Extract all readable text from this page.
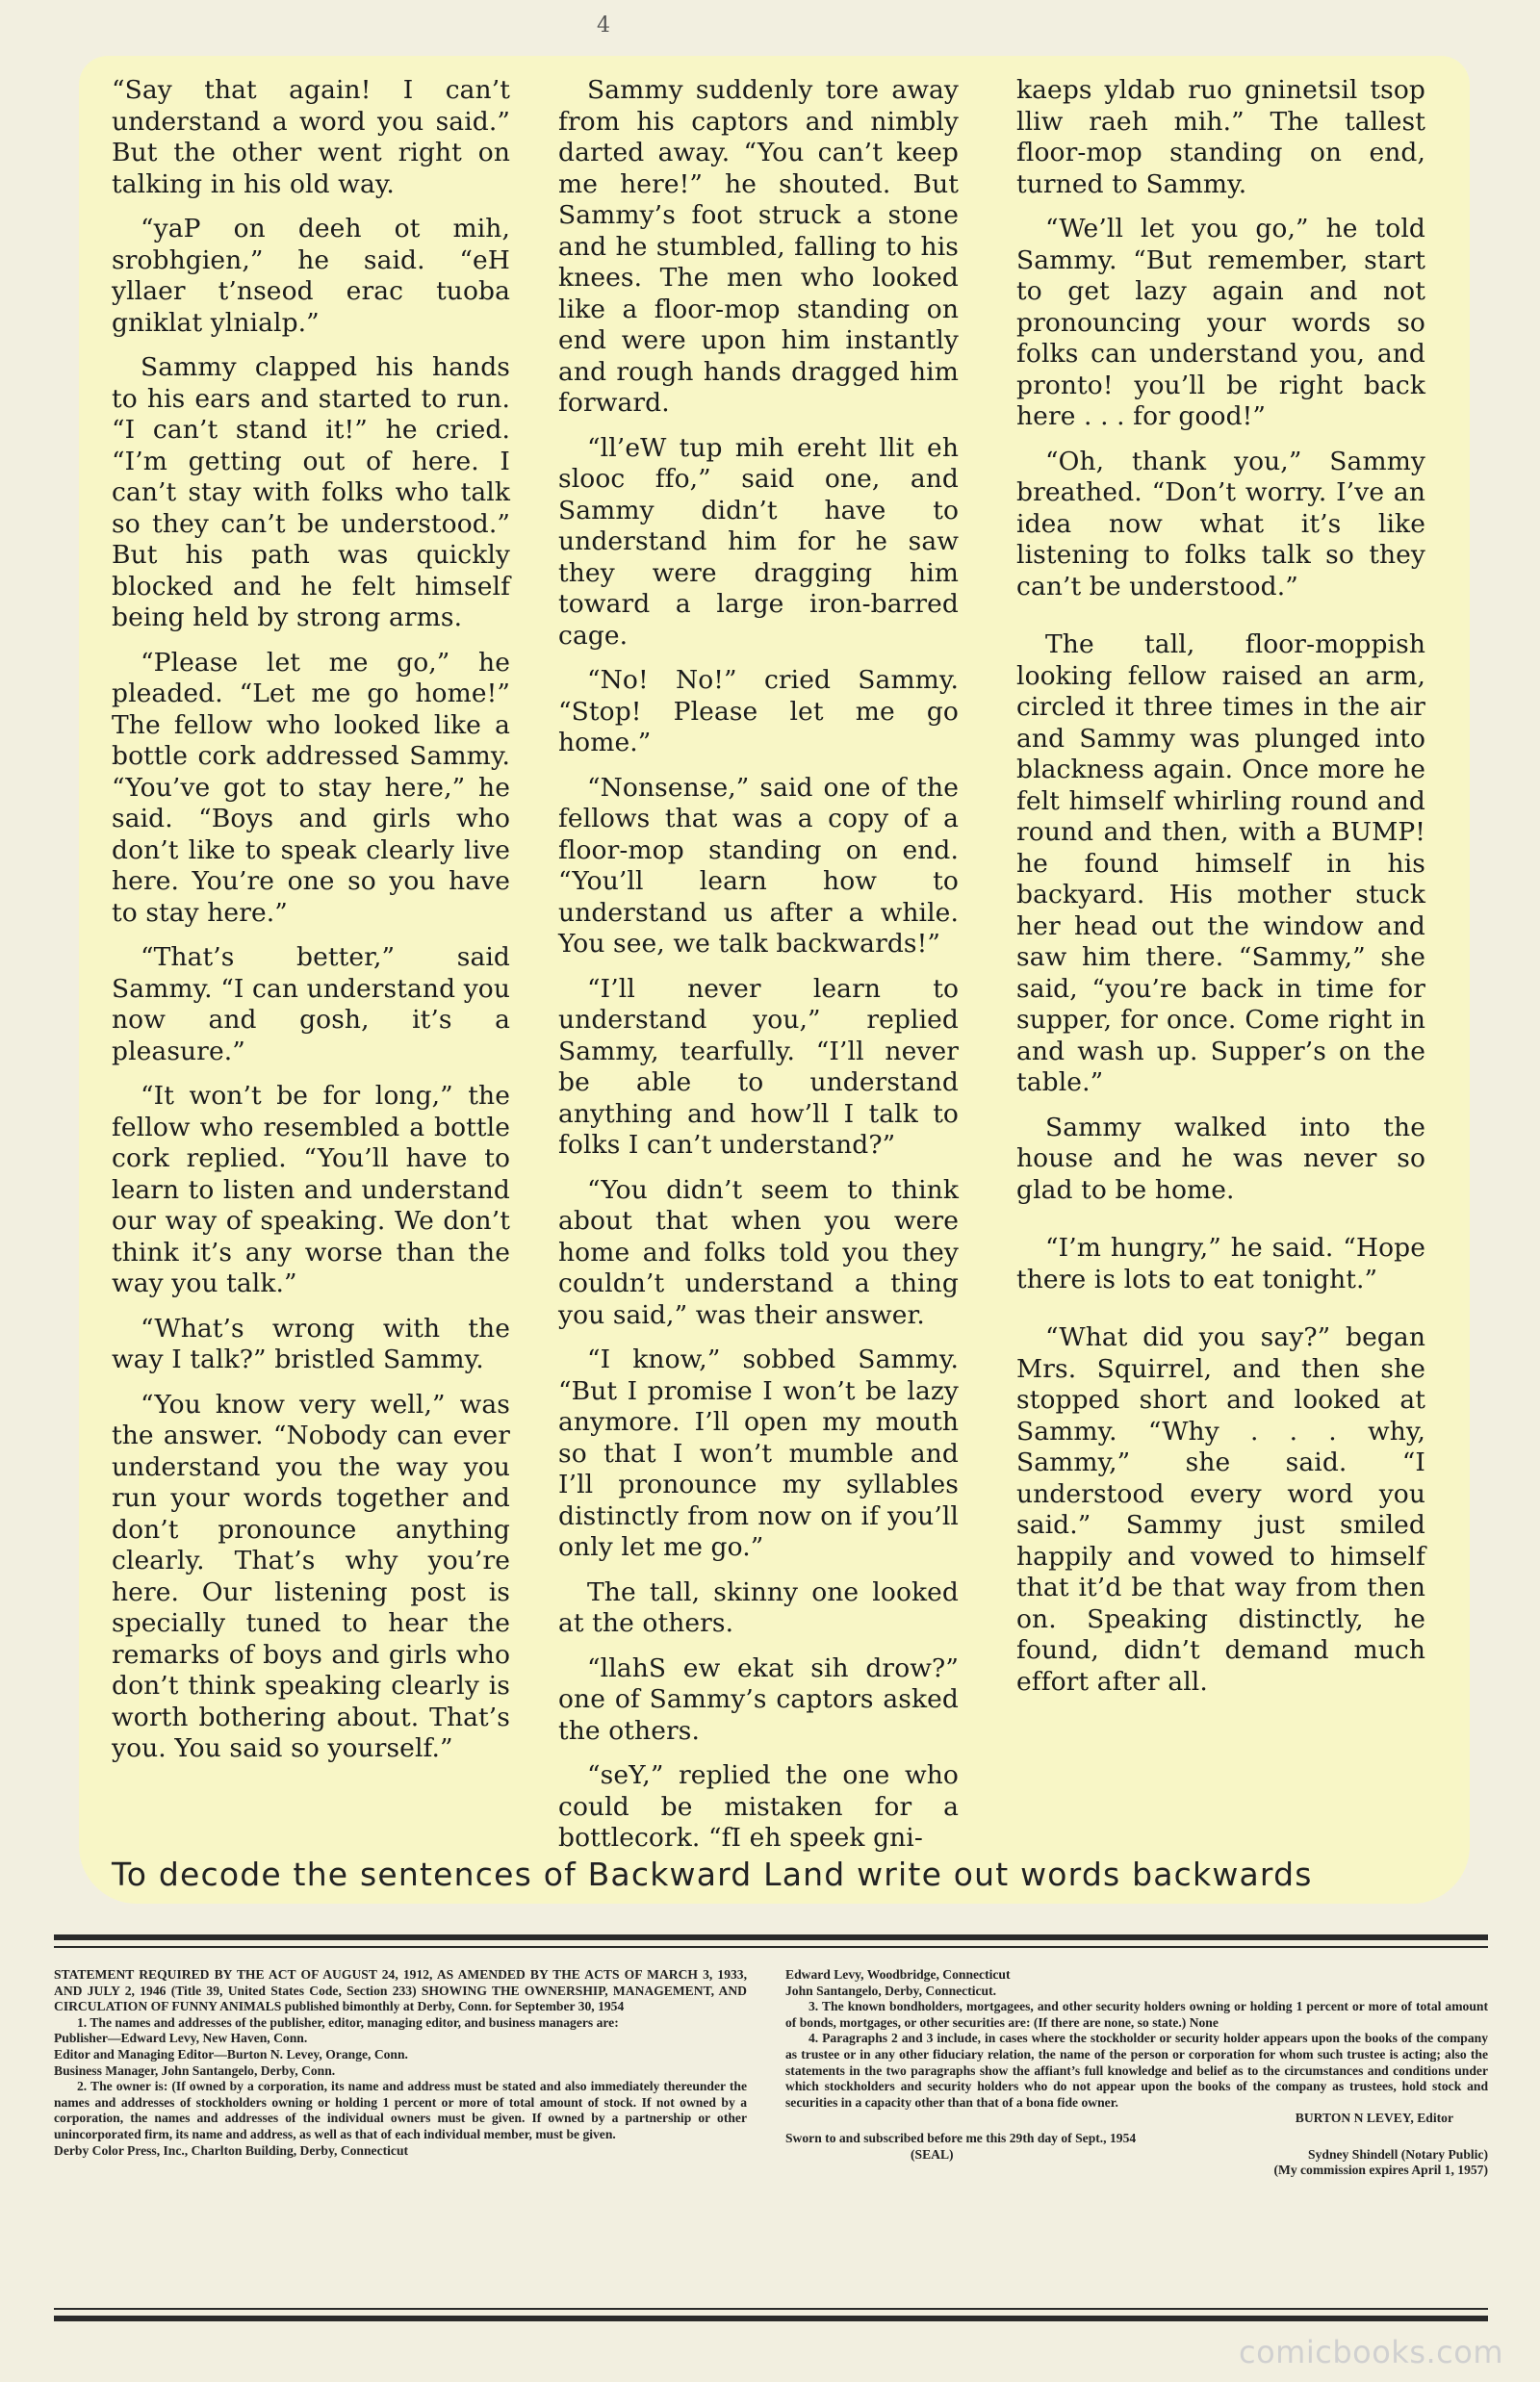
4

“Say that again! I can’t understand a word you said.” But the other went right on talking in his old way.

“yaP on deeh ot mih, srobhgien,” he said. “eH yllaer t’nseod erac tuoba gniklat ylnialp.”

Sammy clapped his hands to his ears and started to run. “I can’t stand it!” he cried. “I’m getting out of here. I can’t stay with folks who talk so they can’t be understood.” But his path was quickly blocked and he felt himself being held by strong arms.

“Please let me go,” he pleaded. “Let me go home!” The fellow who looked like a bottle cork addressed Sammy. “You’ve got to stay here,” he said. “Boys and girls who don’t like to speak clearly live here. You’re one so you have to stay here.”

“That’s better,” said Sammy. “I can understand you now and gosh, it’s a pleasure.”

“It won’t be for long,” the fellow who resembled a bottle cork replied. “You’ll have to learn to listen and understand our way of speaking. We don’t think it’s any worse than the way you talk.”

“What’s wrong with the way I talk?” bristled Sammy.

“You know very well,” was the answer. “Nobody can ever understand you the way you run your words together and don’t pronounce anything clearly. That’s why you’re here. Our listening post is specially tuned to hear the remarks of boys and girls who don’t think speaking clearly is worth bothering about. That’s you. You said so yourself.”

Sammy suddenly tore away from his captors and nimbly darted away. “You can’t keep me here!” he shouted. But Sammy’s foot struck a stone and he stumbled, falling to his knees. The men who looked like a floor-mop standing on end were upon him instantly and rough hands dragged him forward.

“ll’eW tup mih ereht llit eh slooc ffo,” said one, and Sammy didn’t have to understand him for he saw they were dragging him toward a large iron-barred cage.

“No! No!” cried Sammy. “Stop! Please let me go home.”

“Nonsense,” said one of the fellows that was a copy of a floor-mop standing on end. “You’ll learn how to understand us after a while. You see, we talk backwards!”

“I’ll never learn to understand you,” replied Sammy, tearfully. “I’ll never be able to understand anything and how’ll I talk to folks I can’t understand?”

“You didn’t seem to think about that when you were home and folks told you they couldn’t understand a thing you said,” was their answer.

“I know,” sobbed Sammy. “But I promise I won’t be lazy anymore. I’ll open my mouth so that I won’t mumble and I’ll pronounce my syllables distinctly from now on if you’ll only let me go.”

The tall, skinny one looked at the others.

“llahS ew ekat sih drow?” one of Sammy’s captors asked the others.

“seY,” replied the one who could be mistaken for a bottlecork. “fI eh speek gni-

kaeps yldab ruo gninetsil tsop lliw raeh mih.” The tallest floor-mop standing on end, turned to Sammy.

“We’ll let you go,” he told Sammy. “But remember, start to get lazy again and not pronouncing your words so folks can understand you, and pronto! you’ll be right back here . . . for good!”

“Oh, thank you,” Sammy breathed. “Don’t worry. I’ve an idea now what it’s like listening to folks talk so they can’t be understood.”

The tall, floor-moppish looking fellow raised an arm, circled it three times in the air and Sammy was plunged into blackness again. Once more he felt himself whirling round and round and then, with a BUMP! he found himself in his backyard. His mother stuck her head out the window and saw him there. “Sammy,” she said, “you’re back in time for supper, for once. Come right in and wash up. Supper’s on the table.”

Sammy walked into the house and he was never so glad to be home.

“I’m hungry,” he said. “Hope there is lots to eat tonight.”

“What did you say?” began Mrs. Squirrel, and then she stopped short and looked at Sammy. “Why . . . why, Sammy,” she said. “I understood every word you said.” Sammy just smiled happily and vowed to himself that it’d be that way from then on. Speaking distinctly, he found, didn’t demand much effort after all.

To decode the sentences of Backward Land write out words backwards

STATEMENT REQUIRED BY THE ACT OF AUGUST 24, 1912, AS AMENDED BY THE ACTS OF MARCH 3, 1933, AND JULY 2, 1946 (Title 39, United States Code, Section 233) SHOWING THE OWNERSHIP, MANAGEMENT, AND CIRCULATION OF FUNNY ANIMALS published bimonthly at Derby, Conn. for September 30, 1954

1. The names and addresses of the publisher, editor, managing editor, and business managers are:

Publisher—Edward Levy, New Haven, Conn.

Editor and Managing Editor—Burton N. Levey, Orange, Conn.

Business Manager, John Santangelo, Derby, Conn.

2. The owner is: (If owned by a corporation, its name and address must be stated and also immediately thereunder the names and addresses of stockholders owning or holding 1 percent or more of total amount of stock. If not owned by a corporation, the names and addresses of the individual owners must be given. If owned by a partnership or other unincorporated firm, its name and address, as well as that of each individual member, must be given.

Derby Color Press, Inc., Charlton Building, Derby, Connecticut

Edward Levy, Woodbridge, Connecticut

John Santangelo, Derby, Connecticut.

3. The known bondholders, mortgagees, and other security holders owning or holding 1 percent or more of total amount of bonds, mortgages, or other securities are: (If there are none, so state.) None

4. Paragraphs 2 and 3 include, in cases where the stockholder or security holder appears upon the books of the company as trustee or in any other fiduciary relation, the name of the person or corporation for whom such trustee is acting; also the statements in the two paragraphs show the affiant’s full knowledge and belief as to the circumstances and conditions under which stockholders and security holders who do not appear upon the books of the company as trustees, hold stock and securities in a capacity other than that of a bona fide owner.

BURTON N LEVEY, Editor

Sworn to and subscribed before me this 29th day of Sept., 1954

(SEAL)	Sydney Shindell (Notary Public)

(My commission expires April 1, 1957)

comicbooks.com
